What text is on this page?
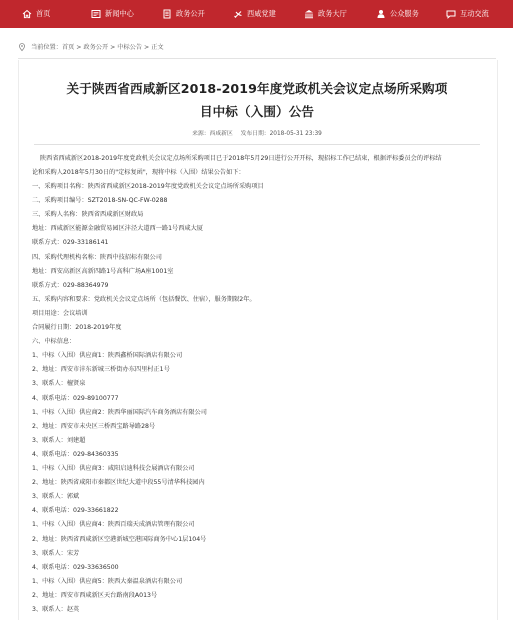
首页	新闻中心	政务公开	西咸党建	政务大厅	公众服务	互动交流
当前位置： 首页 > 政务公开 > 中标公告 > 正文
关于陕西省西咸新区2018-2019年度党政机关会议定点场所采购项
目中标（入围）公告
来源：西咸新区 发布日期：2018-05-31 23:39
陕西省西咸新区2018-2019年度党政机关会议定点场所采购项目已于2018年5月29日进行公开开标，现招标工作已结束，根据评标委员会的评标结
论和采购人2018年5月30日的"定标复函"，现将中标（入围）结果公告如下：
一、采购项目名称：陕西省西咸新区2018-2019年度党政机关会议定点场所采购项目
二、采购项目编号：SZT2018-SN-QC-FW-0288
三、采购人名称：陕西省西咸新区财政局
地址：西咸新区能源金融贸易园区沣泾大道西一路1号西咸大厦
联系方式：029-33186141
四、采购代理机构名称：陕西中技招标有限公司
地址：西安高新区高新四路1号高科广场A座1001室
联系方式：029-88364979
五、采购内容和要求：党政机关会议定点场所（包括餐饮、住宿），服务期限2年。
项目用途：会议培训
合同履行日期：2018-2019年度
六、中标信息：
1、中标（入围）供应商1：陕西鑫桥国际酒店有限公司
2、地址：西安市沣东新城三桥街办东四里村正1号
3、联系人：檀贤泉
4、联系电话：029-89100777
1、中标（入围）供应商2：陕西华丽国际汽车商务酒店有限公司
2、地址：西安市未央区三桥西宝路导路28号
3、联系人：刘建超
4、联系电话：029-84360335
1、中标（入围）供应商3：咸阳启迪科技会展酒店有限公司
2、地址：陕西省咸阳市秦都区世纪大道中段55号清华科技园内
3、联系人：郭斌
4、联系电话：029-33661822
1、中标（入围）供应商4：陕西百瑞天成酒店管理有限公司
2、地址：陕西省西咸新区空港新城空港国际商务中心1层104号
3、联系人：宋芳
4、联系电话：029-33636500
1、中标（入围）供应商5：陕西大秦温泉酒店有限公司
2、地址：西安市西咸新区天台路南段A013号
3、联系人：赵英
